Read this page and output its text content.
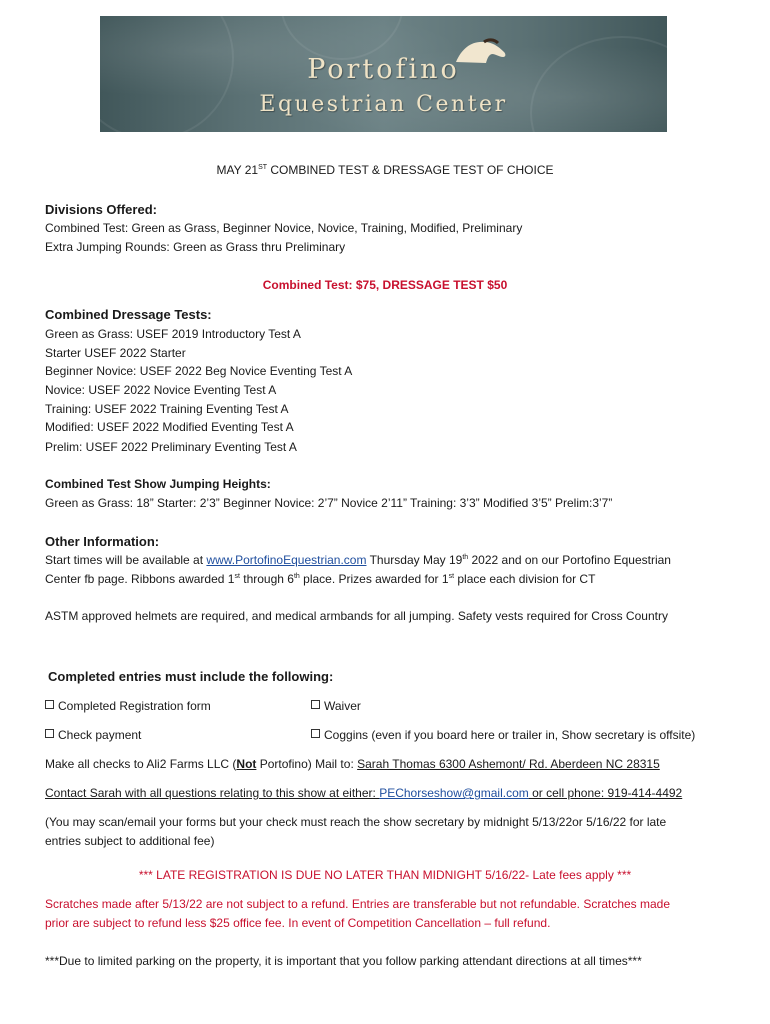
Portofino
Equestrian Center
MAY 21ST COMBINED TEST & DRESSAGE TEST OF CHOICE
Divisions Offered:
Combined Test: Green as Grass, Beginner Novice, Novice, Training, Modified, Preliminary
Extra Jumping Rounds: Green as Grass thru Preliminary
Combined Test: $75, DRESSAGE TEST $50
Combined Dressage Tests:
Green as Grass: USEF 2019 Introductory Test A
Starter USEF 2022 Starter
Beginner Novice: USEF 2022 Beg Novice Eventing Test A
Novice: USEF 2022 Novice Eventing Test A
Training: USEF 2022 Training Eventing Test A
Modified: USEF 2022 Modified Eventing Test A
Prelim: USEF 2022 Preliminary Eventing Test A
Combined Test Show Jumping Heights:
Green as Grass: 18” Starter: 2’3” Beginner Novice: 2’7” Novice 2’11” Training: 3’3” Modified 3’5” Prelim:3’7”
Other Information:
Start times will be available at www.PortofinoEquestrian.com Thursday May 19th 2022 and on our Portofino Equestrian
Center fb page. Ribbons awarded 1st through 6th place. Prizes awarded for 1st place each division for CT
ASTM approved helmets are required, and medical armbands for all jumping. Safety vests required for Cross Country
Completed entries must include the following:
Completed Registration form	Waiver
Check payment	Coggins (even if you board here or trailer in, Show secretary is offsite)
Make all checks to Ali2 Farms LLC (Not Portofino) Mail to: Sarah Thomas 6300 Ashemont/ Rd. Aberdeen NC 28315
Contact Sarah with all questions relating to this show at either: PEChorseshow@gmail.com or cell phone: 919-414-4492
(You may scan/email your forms but your check must reach the show secretary by midnight 5/13/22or 5/16/22 for late
entries subject to additional fee)
*** LATE REGISTRATION IS DUE NO LATER THAN MIDNIGHT 5/16/22- Late fees apply ***
Scratches made after 5/13/22 are not subject to a refund. Entries are transferable but not refundable. Scratches made
prior are subject to refund less $25 office fee. In event of Competition Cancellation – full refund.
***Due to limited parking on the property, it is important that you follow parking attendant directions at all times***
